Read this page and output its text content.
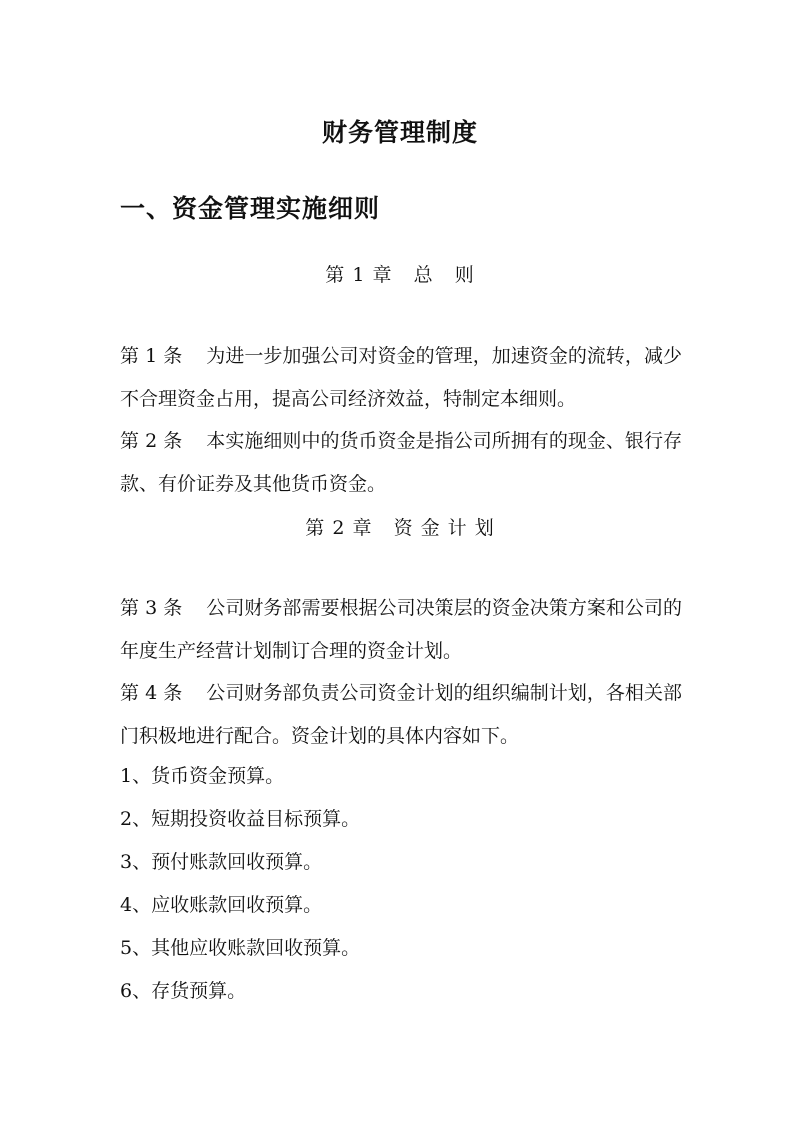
财务管理制度
一、资金管理实施细则
第 1 章   总   则
第 1 条 为进一步加强公司对资金的管理，加速资金的流转，减少不合理资金占用，提高公司经济效益，特制定本细则。
第 2 条 本实施细则中的货币资金是指公司所拥有的现金、银行存款、有价证券及其他货币资金。
第 2 章   资 金 计 划
第 3 条 公司财务部需要根据公司决策层的资金决策方案和公司的年度生产经营计划制订合理的资金计划。
第 4 条 公司财务部负责公司资金计划的组织编制计划，各相关部门积极地进行配合。资金计划的具体内容如下。
1、货币资金预算。
2、短期投资收益目标预算。
3、预付账款回收预算。
4、应收账款回收预算。
5、其他应收账款回收预算。
6、存货预算。
